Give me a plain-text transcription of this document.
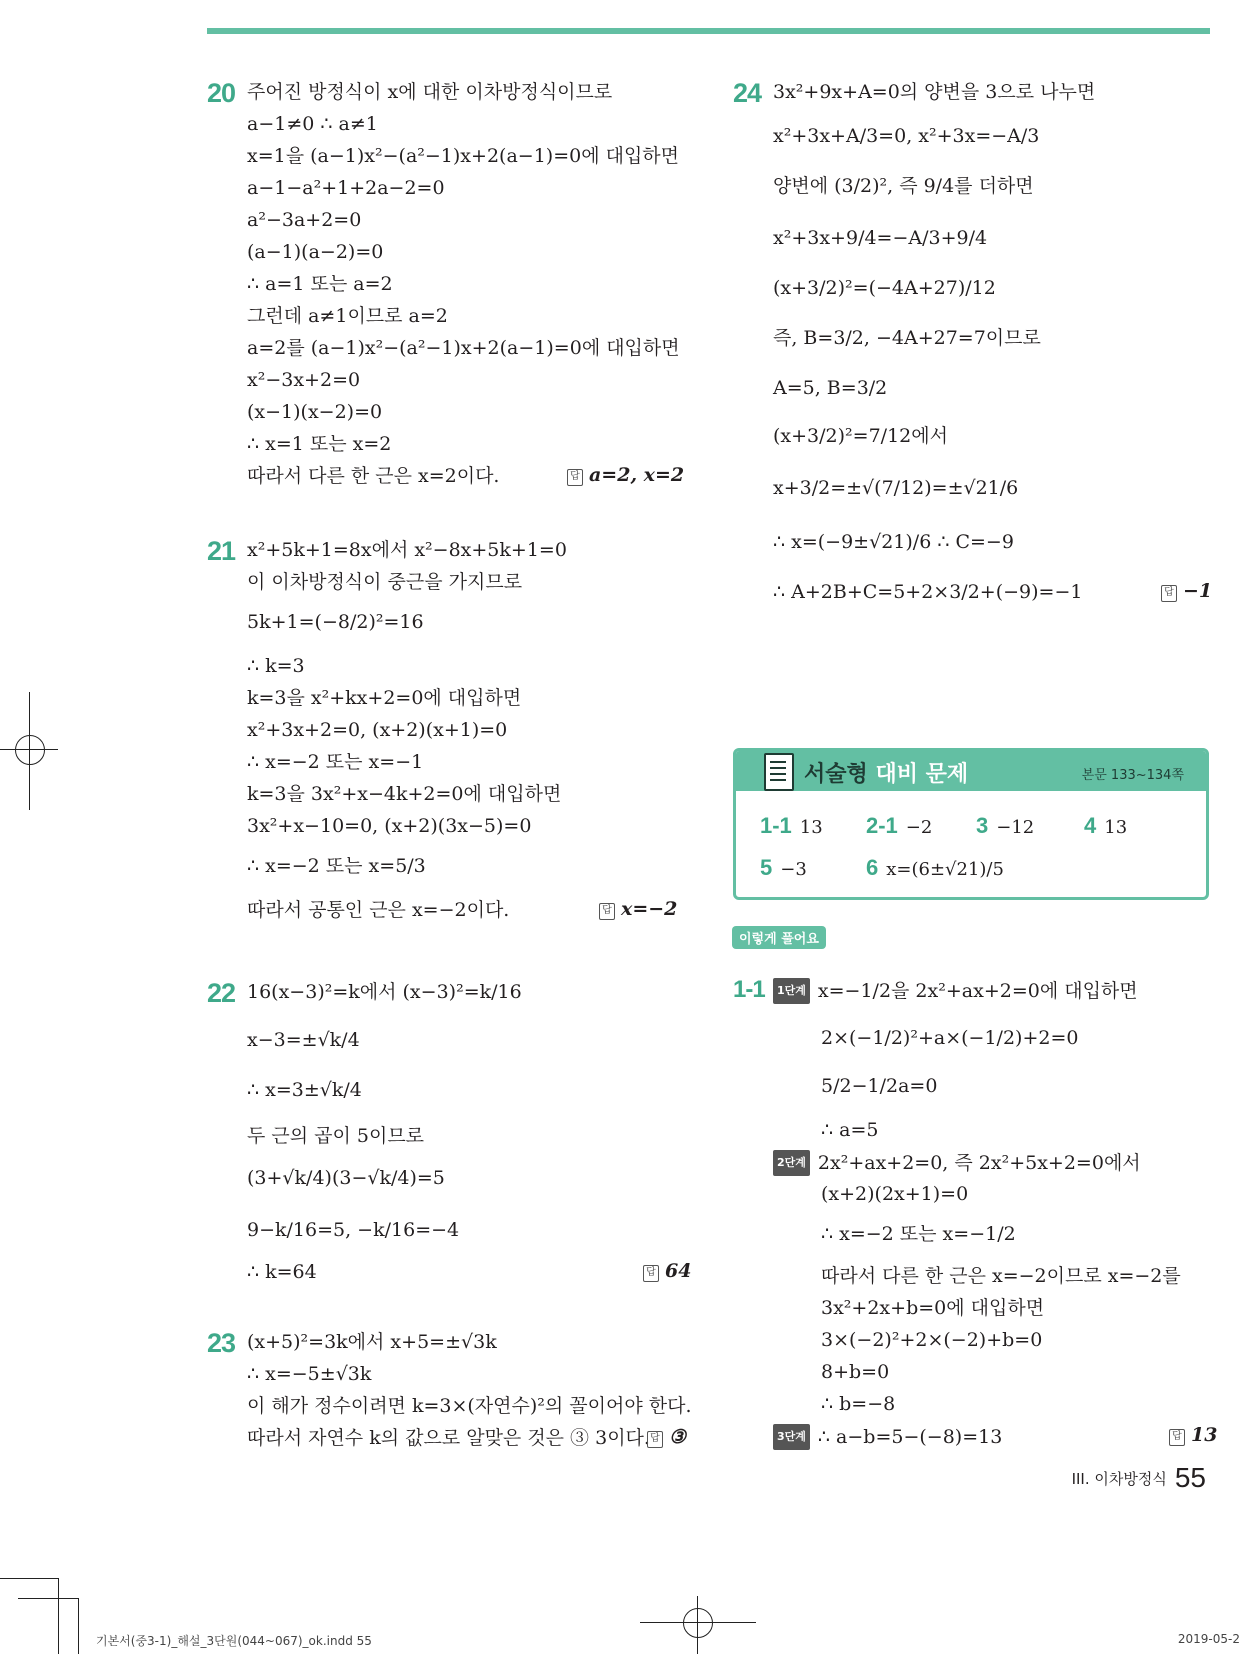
20 주어진 방정식이 x에 대한 이차방정식이므로
a−1≠0 ∴ a≠1
x=1을 (a−1)x²−(a²−1)x+2(a−1)=0에 대입하면
a−1−a²+1+2a−2=0
a²−3a+2=0
(a−1)(a−2)=0
∴ a=1 또는 a=2
그런데 a≠1이므로 a=2
a=2를 (a−1)x²−(a²−1)x+2(a−1)=0에 대입하면
x²−3x+2=0
(x−1)(x−2)=0
∴ x=1 또는 x=2
따라서 다른 한 근은 x=2이다.	답 a=2, x=2
21 x²+5k+1=8x에서 x²−8x+5k+1=0
이 이차방정식이 중근을 가지므로
5k+1=(−8/2)²=16
∴ k=3
k=3을 x²+kx+2=0에 대입하면
x²+3x+2=0, (x+2)(x+1)=0
∴ x=−2 또는 x=−1
k=3을 3x²+x−4k+2=0에 대입하면
3x²+x−10=0, (x+2)(3x−5)=0
∴ x=−2 또는 x=5/3
따라서 공통인 근은 x=−2이다.	답 x=−2
22 16(x−3)²=k에서 (x−3)²=k/16
x−3=±√k/4
∴ x=3±√k/4
두 근의 곱이 5이므로
(3+√k/4)(3−√k/4)=5
9−k/16=5, −k/16=−4
∴ k=64	답 64
23 (x+5)²=3k에서 x+5=±√3k
∴ x=−5±√3k
이 해가 정수이려면 k=3×(자연수)²의 꼴이어야 한다.
따라서 자연수 k의 값으로 알맞은 것은 ③ 3이다. 답 ③
24 3x²+9x+A=0의 양변을 3으로 나누면
x²+3x+A/3=0, x²+3x=−A/3
양변에 (3/2)², 즉 9/4를 더하면
x²+3x+9/4=−A/3+9/4
(x+3/2)²=(−4A+27)/12
즉, B=3/2, −4A+27=7이므로
A=5, B=3/2
(x+3/2)²=7/12에서
x+3/2=±√(7/12)=±√21/6
∴ x=(−9±√21)/6 ∴ C=−9
∴ A+2B+C=5+2×3/2+(−9)=−1	답 −1
서술형 대비 문제	본문 133~134쪽
1-1 13 2-1 −2 3 −12 4 13
5 −3	6 x=(6±√21)/5
이렇게 풀어요
1-1	1단계 x=−1/2을 2x²+ax+2=0에 대입하면
2×(−1/2)²+a×(−1/2)+2=0
5/2−1/2a=0
∴ a=5
2단계 2x²+ax+2=0, 즉 2x²+5x+2=0에서
(x+2)(2x+1)=0
∴ x=−2 또는 x=−1/2
따라서 다른 한 근은 x=−2이므로 x=−2를
3x²+2x+b=0에 대입하면
3×(−2)²+2×(−2)+b=0
8+b=0
∴ b=−8
3단계 ∴ a−b=5−(−8)=13	답 13
III. 이차방정식 55
기본서(중3-1)_해설_3단원(044~067)_ok.indd 55	2019-05-2
